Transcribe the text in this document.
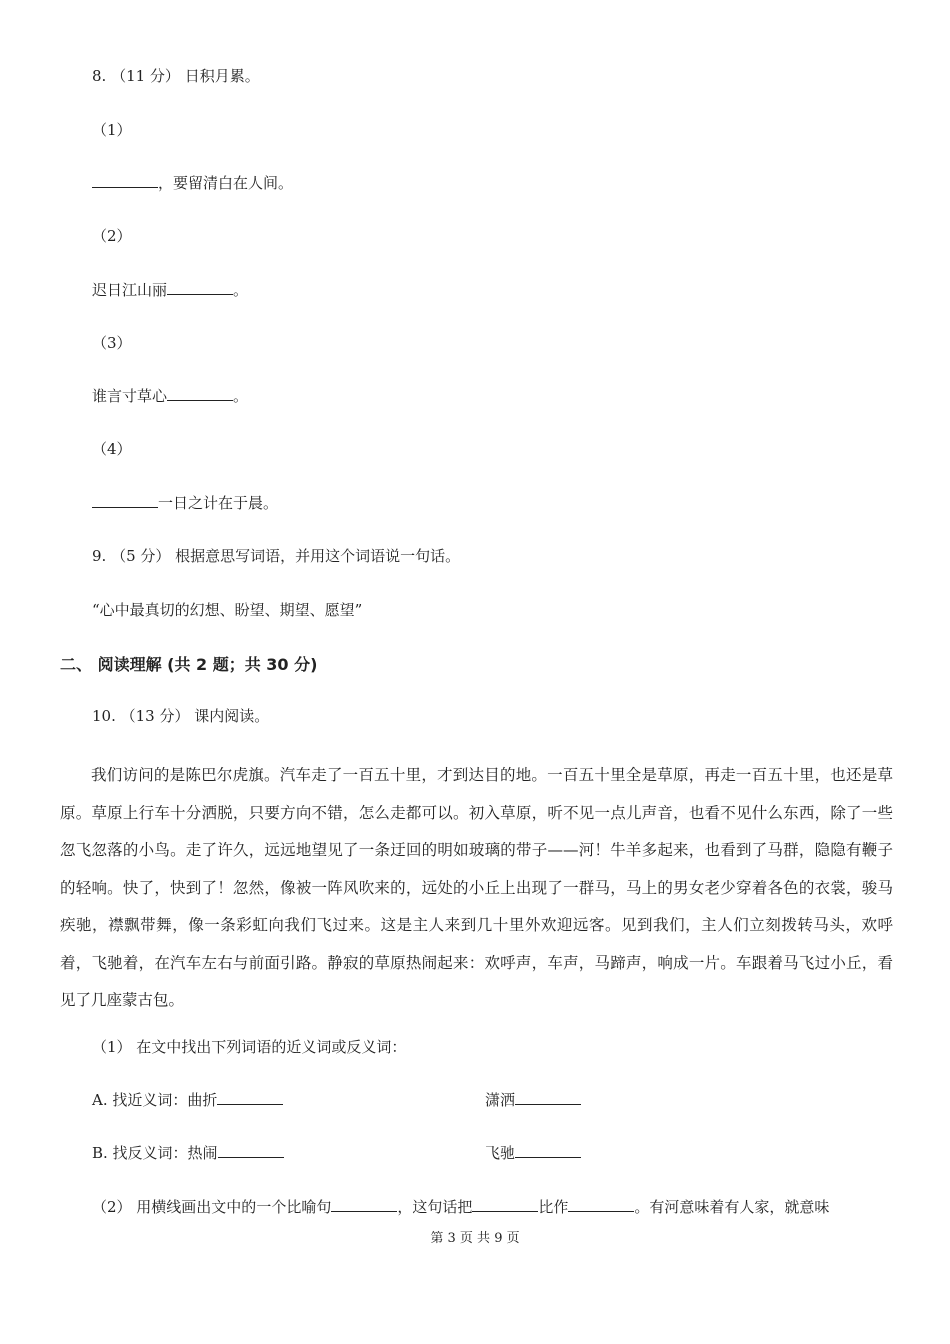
8. （11 分） 日积月累。
（1）
，要留清白在人间。
（2）
迟日江山丽	。
（3）
谁言寸草心	。
（4）
一日之计在于晨。
9. （5 分） 根据意思写词语，并用这个词语说一句话。
“心中最真切的幻想、盼望、期望、愿望”
二、 阅读理解 (共 2 题；共 30 分)
10. （13 分） 课内阅读。
我们访问的是陈巴尔虎旗。汽车走了一百五十里，才到达目的地。一百五十里全是草原，再走一百五十里，也还是草原。草原上行车十分洒脱，只要方向不错，怎么走都可以。初入草原，听不见一点儿声音，也看不见什么东西，除了一些忽飞忽落的小鸟。走了许久，远远地望见了一条迂回的明如玻璃的带子——河！牛羊多起来，也看到了马群，隐隐有鞭子的轻响。快了，快到了！忽然，像被一阵风吹来的，远处的小丘上出现了一群马，马上的男女老少穿着各色的衣裳，骏马疾驰，襟飘带舞，像一条彩虹向我们飞过来。这是主人来到几十里外欢迎远客。见到我们，主人们立刻拨转马头，欢呼着，飞驰着，在汽车左右与前面引路。静寂的草原热闹起来：欢呼声，车声，马蹄声，响成一片。车跟着马飞过小丘，看见了几座蒙古包。
（1） 在文中找出下列词语的近义词或反义词：
A. 找近义词：曲折	潇洒
B. 找反义词：热闹	飞驰
（2） 用横线画出文中的一个比喻句	，这句话把	比作	。有河意味着有人家，就意味
第 3 页 共 9 页
